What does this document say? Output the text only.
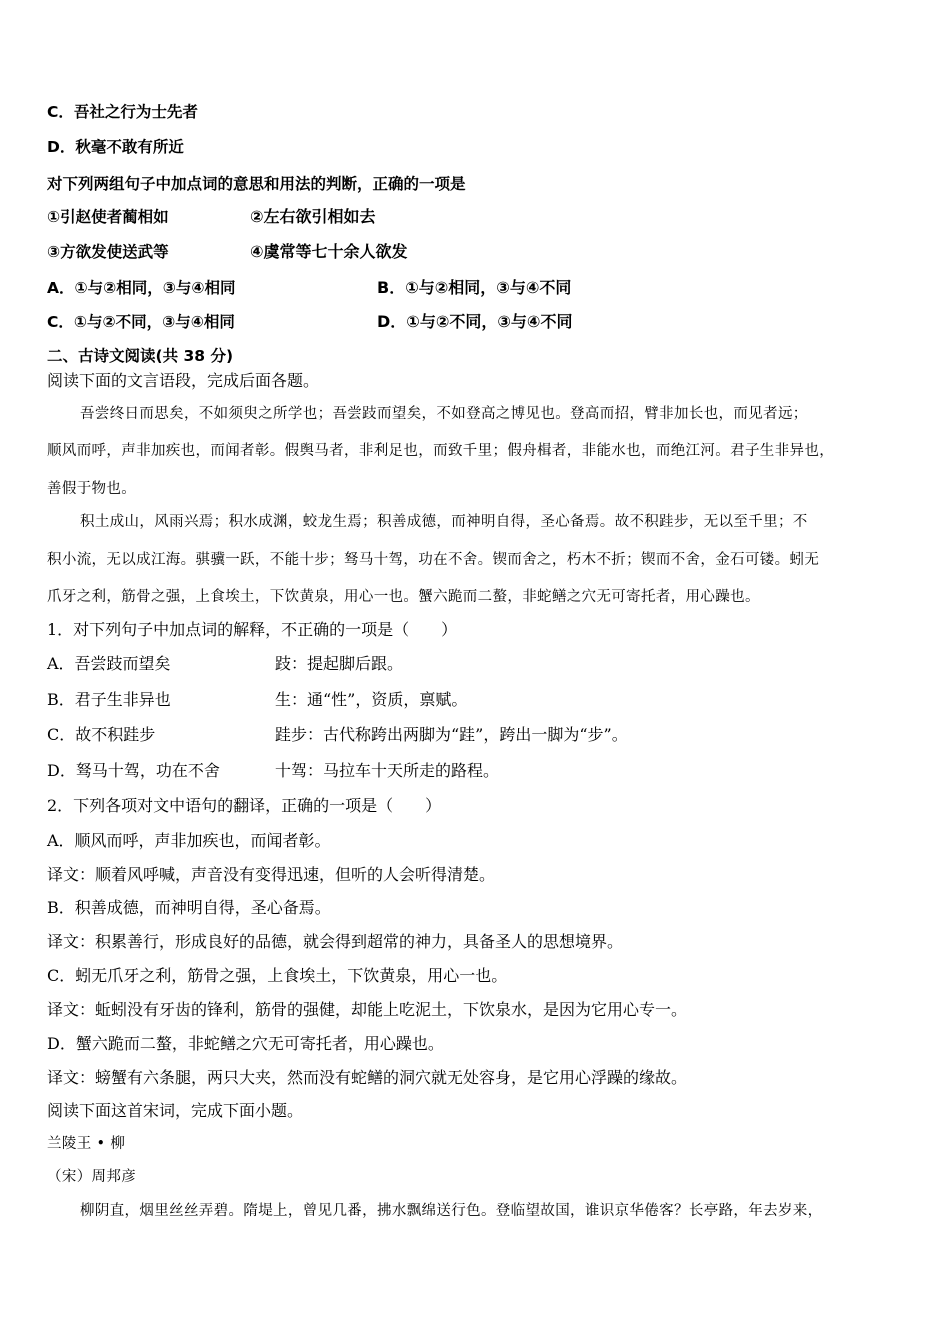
C．吾社之行为士先者
D．秋毫不敢有所近
对下列两组句子中加点词的意思和用法的判断，正确的一项是
①引赵使者蔺相如	②左右欲引相如去
③方欲发使送武等	④虞常等七十余人欲发
A．①与②相同，③与④相同	B．①与②相同，③与④不同
C．①与②不同，③与④相同	D．①与②不同，③与④不同
二、古诗文阅读(共 38 分)
阅读下面的文言语段，完成后面各题。
吾尝终日而思矣，不如须臾之所学也；吾尝跂而望矣，不如登高之博见也。登高而招，臂非加长也，而见者远；
顺风而呼，声非加疾也，而闻者彰。假舆马者，非利足也，而致千里；假舟楫者，非能水也，而绝江河。君子生非异也，
善假于物也。
积土成山，风雨兴焉；积水成渊，蛟龙生焉；积善成德，而神明自得，圣心备焉。故不积跬步，无以至千里；不
积小流，无以成江海。骐骥一跃，不能十步；驽马十驾，功在不舍。锲而舍之，朽木不折；锲而不舍，金石可镂。蚓无
爪牙之利，筋骨之强，上食埃土，下饮黄泉，用心一也。蟹六跪而二螯，非蛇鳝之穴无可寄托者，用心躁也。
1．对下列句子中加点词的解释，不正确的一项是（　　）
A．吾尝跂而望矣	跂：提起脚后跟。
B．君子生非异也	生：通“性”，资质，禀赋。
C．故不积跬步	跬步：古代称跨出两脚为“跬”，跨出一脚为“步”。
D．驽马十驾，功在不舍	十驾：马拉车十天所走的路程。
2．下列各项对文中语句的翻译，正确的一项是（　　）
A．顺风而呼，声非加疾也，而闻者彰。
译文：顺着风呼喊，声音没有变得迅速，但听的人会听得清楚。
B．积善成德，而神明自得，圣心备焉。
译文：积累善行，形成良好的品德，就会得到超常的神力，具备圣人的思想境界。
C．蚓无爪牙之利，筋骨之强，上食埃土，下饮黄泉，用心一也。
译文：蚯蚓没有牙齿的锋利，筋骨的强健，却能上吃泥土，下饮泉水，是因为它用心专一。
D．蟹六跪而二螯，非蛇鳝之穴无可寄托者，用心躁也。
译文：螃蟹有六条腿，两只大夹，然而没有蛇鳝的洞穴就无处容身，是它用心浮躁的缘故。
阅读下面这首宋词，完成下面小题。
兰陵王 • 柳
（宋）周邦彦
柳阴直，烟里丝丝弄碧。隋堤上，曾见几番，拂水飘绵送行色。登临望故国，谁识京华倦客？长亭路，年去岁来，
